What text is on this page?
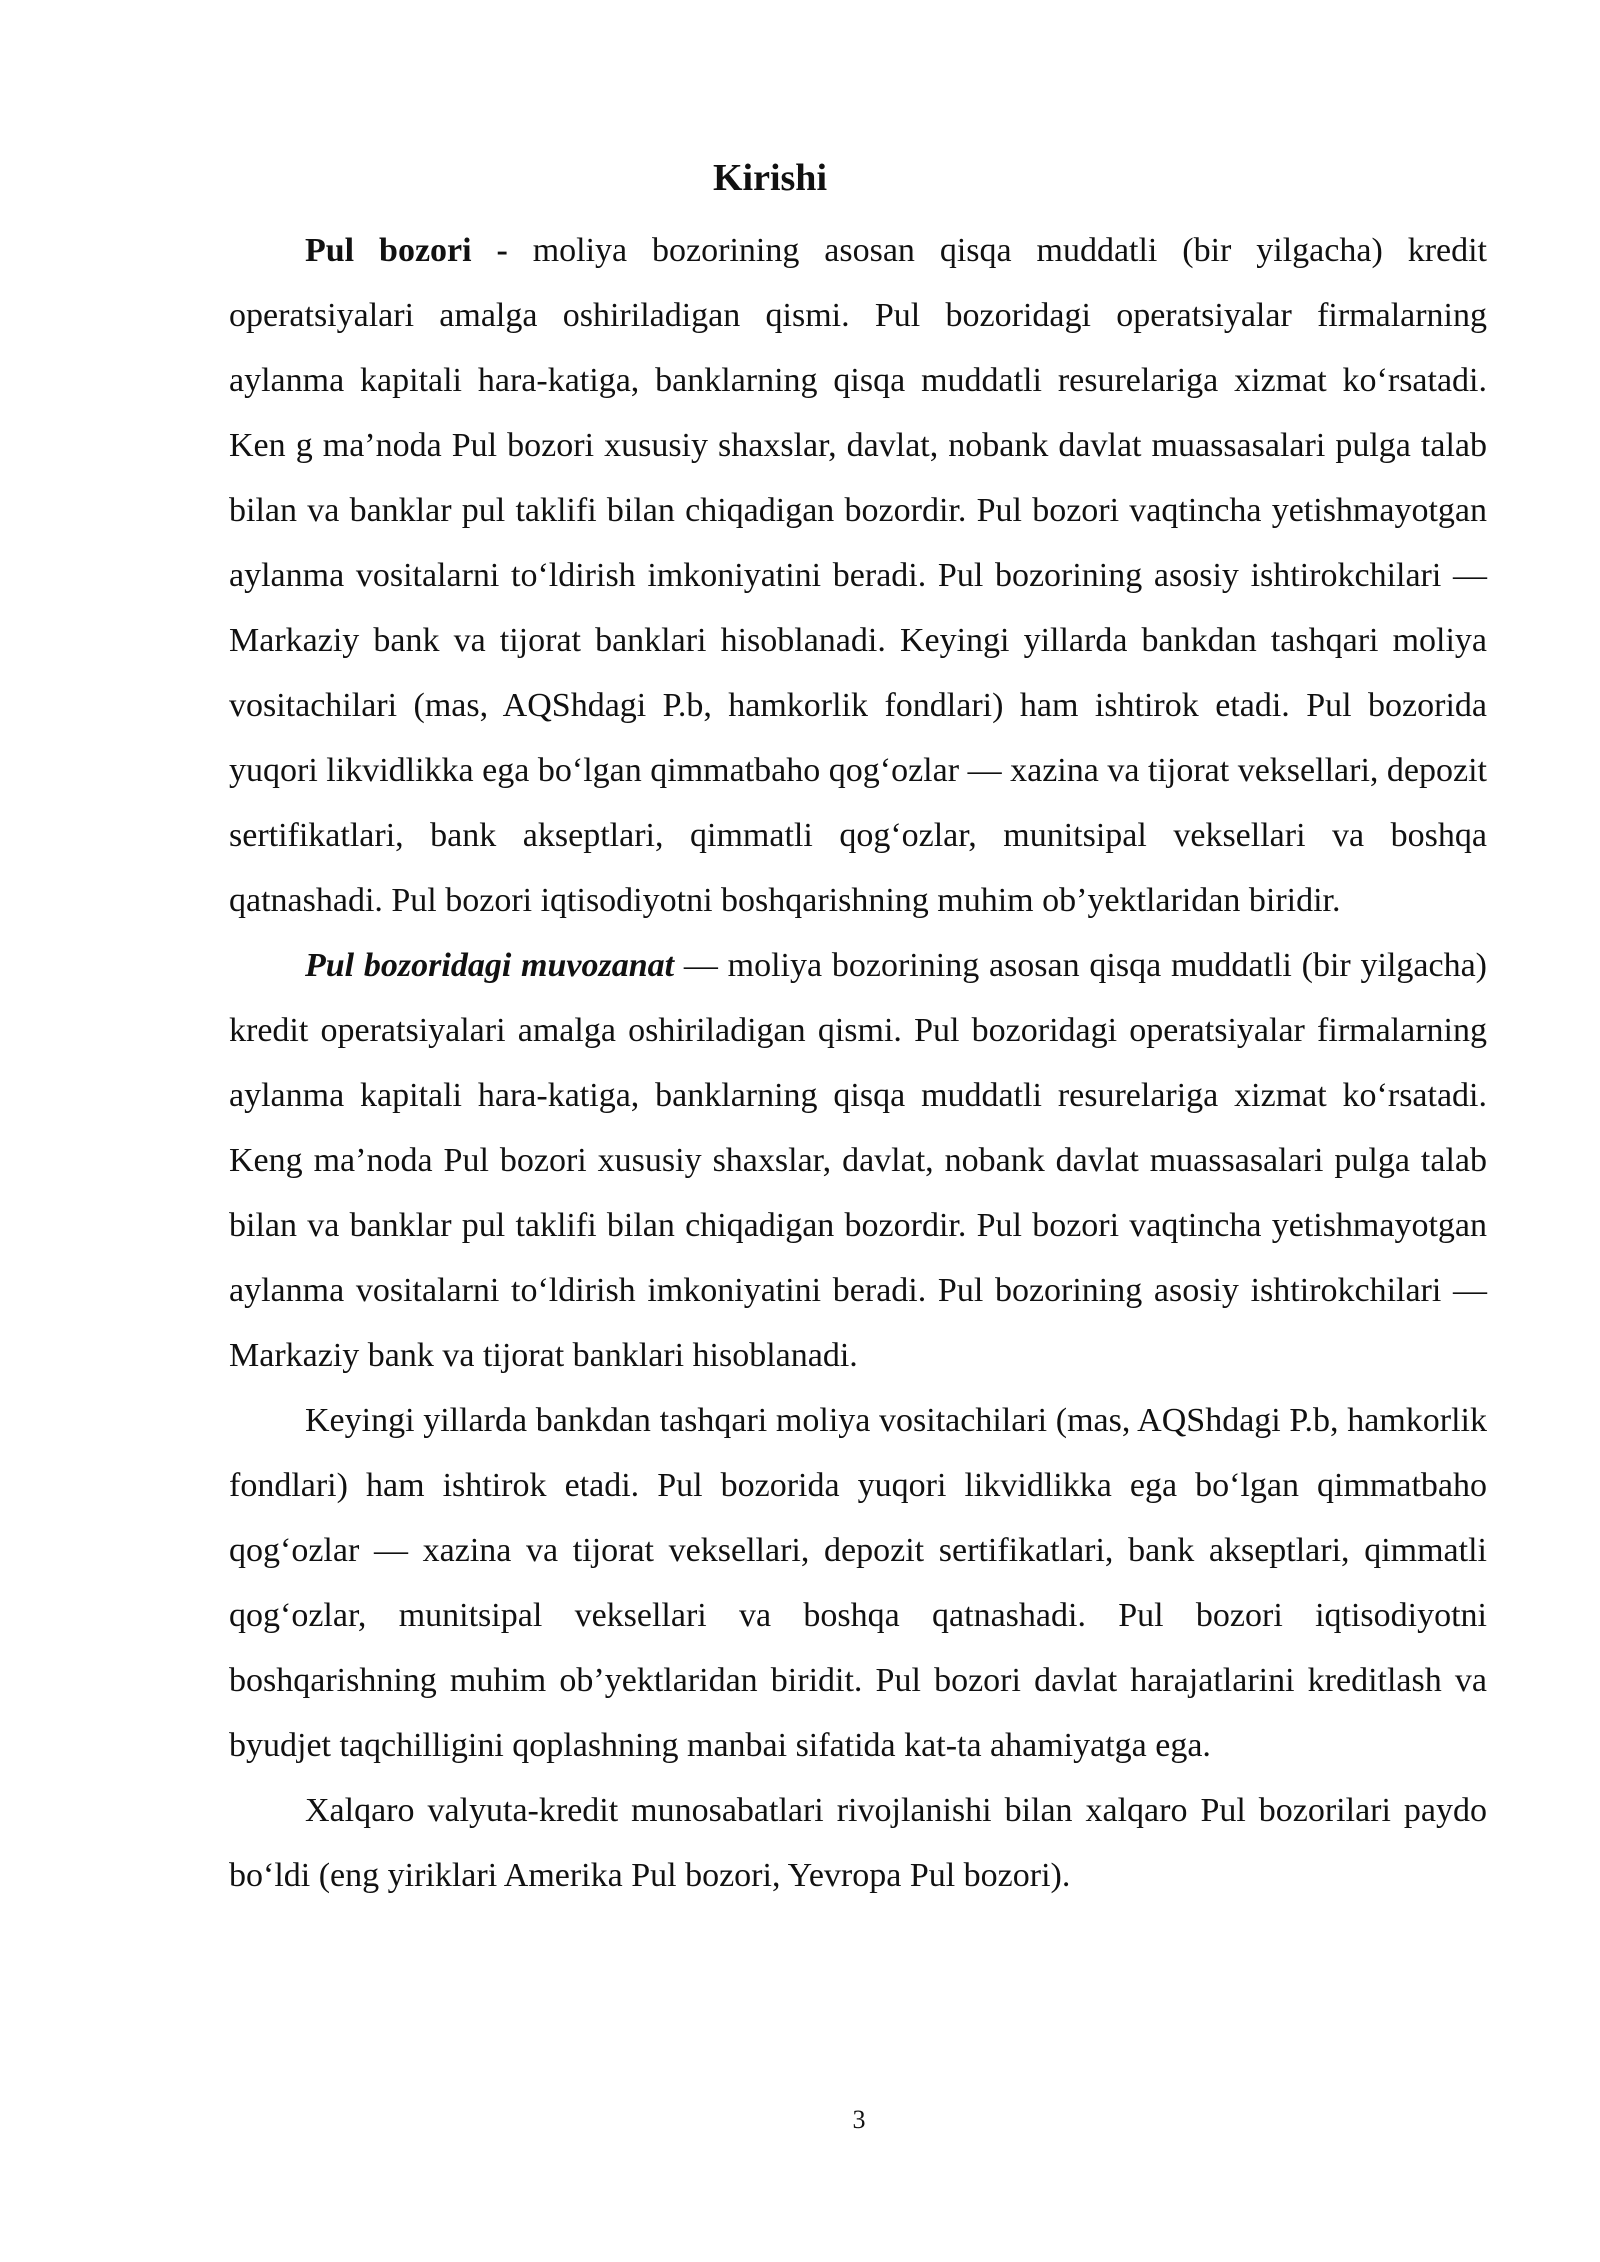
Kirishi

Pul bozori - moliya bozorining asosan qisqa muddatli (bir yilgacha) kredit operatsiyalari amalga oshiriladigan qismi. Pul bozoridagi operatsiyalar firmalarning aylanma kapitali hara-katiga, banklarning qisqa muddatli resurelariga xizmat ko‘rsatadi. Ken g ma’noda Pul bozori xususiy shaxslar, davlat, nobank davlat muassasalari pulga talab bilan va banklar pul taklifi bilan chiqadigan bozordir. Pul bozori vaqtincha yetishmayotgan aylanma vositalarni to‘ldirish imkoniyatini beradi. Pul bozorining asosiy ishtirokchilari — Markaziy bank va tijorat banklari hisoblanadi. Keyingi yillarda bankdan tashqari moliya vositachilari (mas, AQShdagi P.b, hamkorlik fondlari) ham ishtirok etadi. Pul bozorida yuqori likvidlikka ega bo‘lgan qimmatbaho qog‘ozlar — xazina va tijorat veksellari, depozit sertifikatlari, bank akseptlari, qimmatli qog‘ozlar, munitsipal veksellari va boshqa qatnashadi. Pul bozori iqtisodiyotni boshqarishning muhim ob’yektlaridan biridir.

Pul bozoridagi muvozanat — moliya bozorining asosan qisqa muddatli (bir yilgacha) kredit operatsiyalari amalga oshiriladigan qismi. Pul bozoridagi operatsiyalar firmalarning aylanma kapitali hara-katiga, banklarning qisqa muddatli resurelariga xizmat ko‘rsatadi. Keng ma’noda Pul bozori xususiy shaxslar, davlat, nobank davlat muassasalari pulga talab bilan va banklar pul taklifi bilan chiqadigan bozordir. Pul bozori vaqtincha yetishmayotgan aylanma vositalarni to‘ldirish imkoniyatini beradi. Pul bozorining asosiy ishtirokchilari — Markaziy bank va tijorat banklari hisoblanadi.

Keyingi yillarda bankdan tashqari moliya vositachilari (mas, AQShdagi P.b, hamkorlik fondlari) ham ishtirok etadi. Pul bozorida yuqori likvidlikka ega bo‘lgan qimmatbaho qog‘ozlar — xazina va tijorat veksellari, depozit sertifikatlari, bank akseptlari, qimmatli qog‘ozlar, munitsipal veksellari va boshqa qatnashadi. Pul bozori iqtisodiyotni boshqarishning muhim ob’yektlaridan biridit. Pul bozori davlat harajatlarini kreditlash va byudjet taqchilligini qoplashning manbai sifatida kat-ta ahamiyatga ega.

Xalqaro valyuta-kredit munosabatlari rivojlanishi bilan xalqaro Pul bozorilari paydo bo‘ldi (eng yiriklari Amerika Pul bozori, Yevropa Pul bozori).

3
